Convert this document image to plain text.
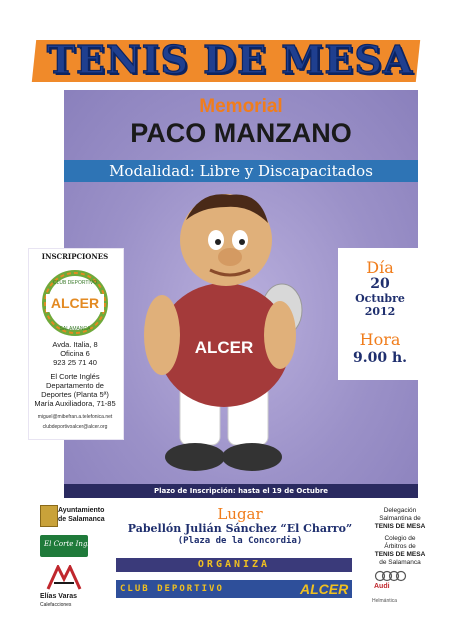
TENIS DE MESA
Memorial
PACO MANZANO
Modalidad: Libre y Discapacitados
ALCER
INSCRIPCIONES
ALCER
CLUB DEPORTIVO
SALAMANCA
Avda. Italia, 8
Oficina 6
923 25 71 40
El Corte Inglés
Departamento de
Deportes (Planta 5ª)
María Auxiliadora, 71-85
miguel@mibefran.a.telefonica.net
clubdeportivoalcer@alcer.org
Día
20
Octubre
2012
Hora
9.00 h.
Plazo de Inscripción: hasta el 19 de Octubre
Lugar
Pabellón Julián Sánchez “El Charro”
(Plaza de la Concordia)
ORGANIZA
CLUB DEPORTIVO	ALCER
Ayuntamiento
de Salamanca
El Corte Inglés
Elías Varas
Calefacciones
Delegación
Salmantina de
TENIS DE MESA
Colegio de
Árbitros de
TENIS DE MESA
de Salamanca
Audi
Helmántica
